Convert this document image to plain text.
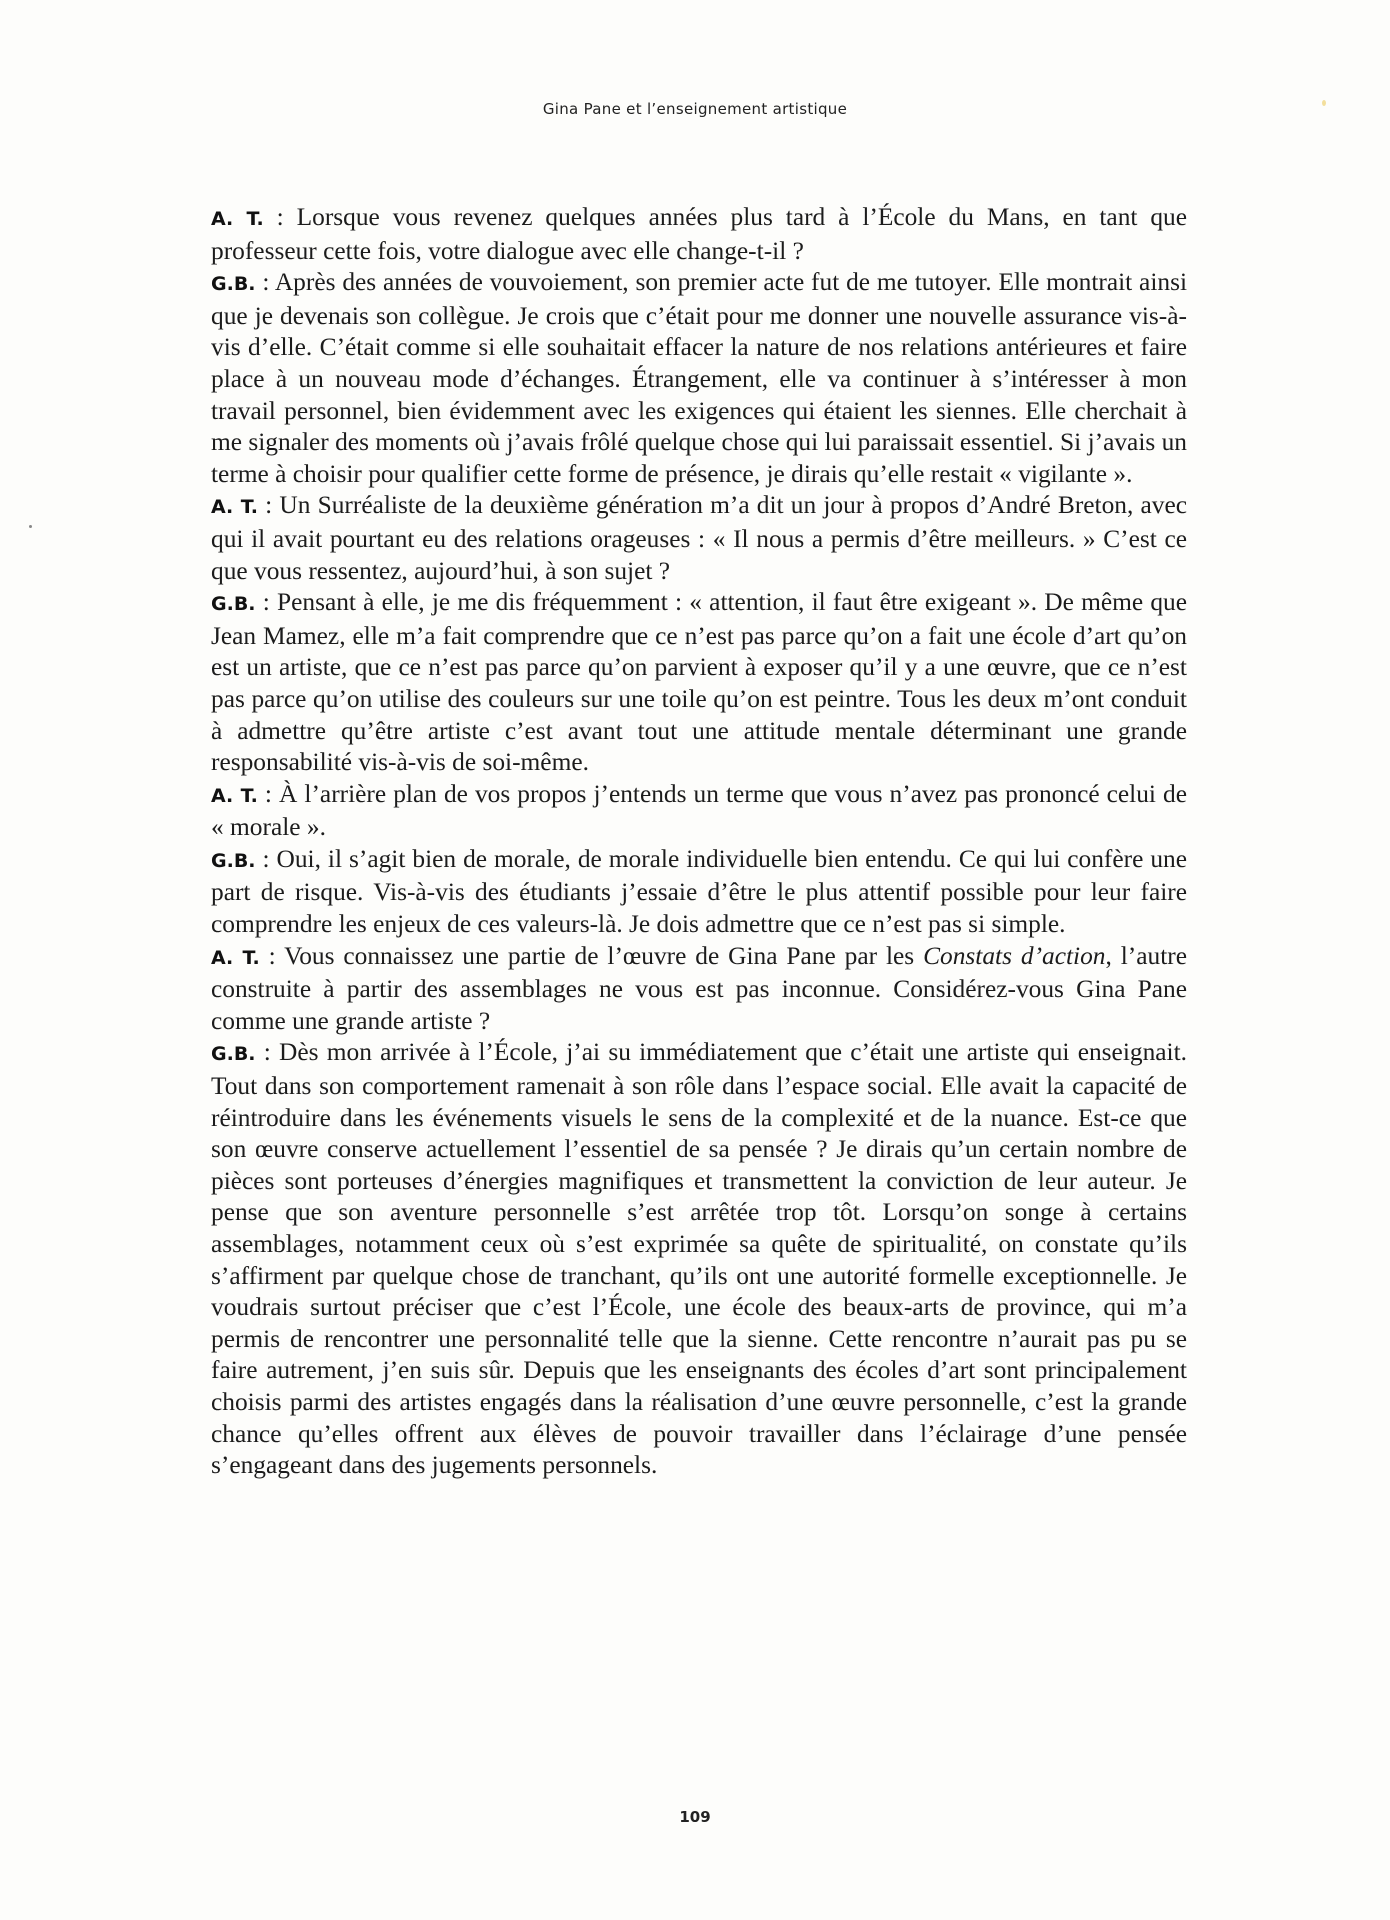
Gina Pane et l’enseignement artistique

A. T. : Lorsque vous revenez quelques années plus tard à l’École du Mans, en tant que professeur cette fois, votre dialogue avec elle change-t-il ?

G.B. : Après des années de vouvoiement, son premier acte fut de me tutoyer. Elle montrait ainsi que je devenais son collègue. Je crois que c’était pour me donner une nouvelle assurance vis-à-vis d’elle. C’était comme si elle souhaitait effacer la nature de nos relations antérieures et faire place à un nouveau mode d’échanges. Étrangement, elle va continuer à s’intéresser à mon travail personnel, bien évidemment avec les exigences qui étaient les siennes. Elle cherchait à me signaler des moments où j’avais frôlé quelque chose qui lui paraissait essentiel. Si j’avais un terme à choisir pour qualifier cette forme de présence, je dirais qu’elle restait « vigilante ».

A. T. : Un Surréaliste de la deuxième génération m’a dit un jour à propos d’André Breton, avec qui il avait pourtant eu des relations orageuses : « Il nous a permis d’être meilleurs. » C’est ce que vous ressentez, aujourd’hui, à son sujet ?

G.B. : Pensant à elle, je me dis fréquemment : « attention, il faut être exigeant ». De même que Jean Mamez, elle m’a fait comprendre que ce n’est pas parce qu’on a fait une école d’art qu’on est un artiste, que ce n’est pas parce qu’on parvient à exposer qu’il y a une œuvre, que ce n’est pas parce qu’on utilise des couleurs sur une toile qu’on est peintre. Tous les deux m’ont conduit à admettre qu’être artiste c’est avant tout une attitude mentale déterminant une grande responsabilité vis-à-vis de soi-même.

A. T. : À l’arrière plan de vos propos j’entends un terme que vous n’avez pas prononcé celui de « morale ».

G.B. : Oui, il s’agit bien de morale, de morale individuelle bien entendu. Ce qui lui confère une part de risque. Vis-à-vis des étudiants j’essaie d’être le plus attentif possible pour leur faire comprendre les enjeux de ces valeurs-là. Je dois admettre que ce n’est pas si simple.

A. T. : Vous connaissez une partie de l’œuvre de Gina Pane par les Constats d’action, l’autre construite à partir des assemblages ne vous est pas inconnue. Considérez-vous Gina Pane comme une grande artiste ?

G.B. : Dès mon arrivée à l’École, j’ai su immédiatement que c’était une artiste qui enseignait. Tout dans son comportement ramenait à son rôle dans l’espace social. Elle avait la capacité de réintroduire dans les événements visuels le sens de la complexité et de la nuance. Est-ce que son œuvre conserve actuellement l’essentiel de sa pensée ? Je dirais qu’un certain nombre de pièces sont porteuses d’énergies magnifiques et transmettent la conviction de leur auteur. Je pense que son aventure personnelle s’est arrêtée trop tôt. Lorsqu’on songe à certains assemblages, notamment ceux où s’est exprimée sa quête de spiritualité, on constate qu’ils s’affirment par quelque chose de tranchant, qu’ils ont une autorité formelle exceptionnelle. Je voudrais surtout préciser que c’est l’École, une école des beaux-arts de province, qui m’a permis de rencontrer une personnalité telle que la sienne. Cette rencontre n’aurait pas pu se faire autrement, j’en suis sûr. Depuis que les enseignants des écoles d’art sont principalement choisis parmi des artistes engagés dans la réalisation d’une œuvre personnelle, c’est la grande chance qu’elles offrent aux élèves de pouvoir travailler dans l’éclairage d’une pensée s’engageant dans des jugements personnels.

109
